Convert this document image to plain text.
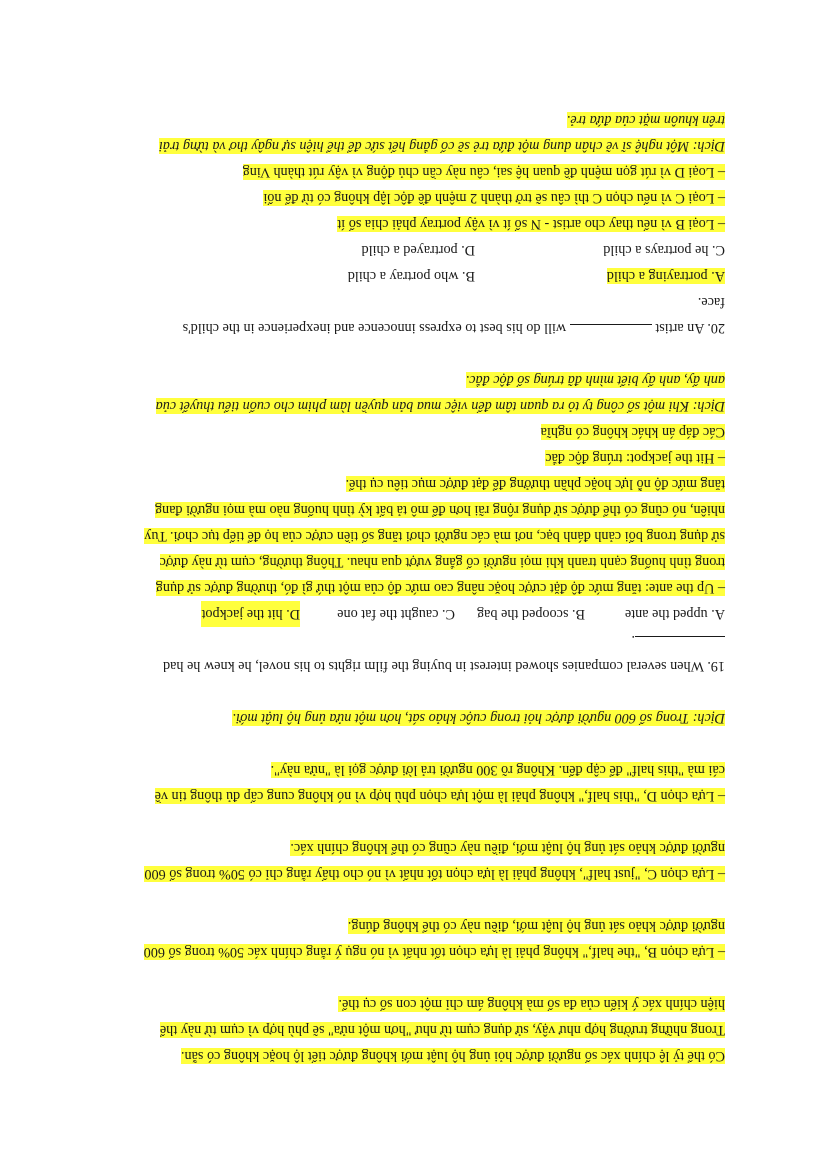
Có thể tỷ lệ chính xác số người được hỏi ủng hộ luật mới không được tiết lộ hoặc không có sẵn.
Trong những trường hợp như vậy, sử dụng cụm từ như "hơn một nửa" sẽ phù hợp vì cụm từ này thể
hiện chính xác ý kiến của đa số mà không ám chỉ một con số cụ thể.
– Lựa chọn B, "the half," không phải là lựa chọn tốt nhất vì nó ngụ ý rằng chính xác 50% trong số 600
người được khảo sát ủng hộ luật mới, điều này có thể không đúng.
– Lựa chọn C, "just half", không phải là lựa chọn tốt nhất vì nó cho thấy rằng chỉ có 50% trong số 600
người được khảo sát ủng hộ luật mới, điều này cũng có thể không chính xác.
– Lựa chọn D, "this half," không phải là một lựa chọn phù hợp vì nó không cung cấp đủ thông tin về
cái mà "this half" để cập đến. Không rõ 300 người trả lời được gọi là "nửa này".
Dịch: Trong số 600 người được hỏi trong cuộc khảo sát, hơn một nửa ủng hộ luật mới.
19. When several companies showed interest in buying the film rights to his novel, he knew he had
.
A. upped the ante
B. scooped the bag
C. caught the fat one
D. hit the jackpot
– Up the ante: tăng mức độ đặt cược hoặc nâng cao mức độ của một thứ gì đó, thường được sử dụng
trong tình huống cạnh tranh khi mọi người cố gắng vượt qua nhau. Thông thường, cụm từ này được
sử dụng trong bối cảnh đánh bạc, nơi mà các người chơi tăng số tiền cược của họ để tiếp tục chơi. Tuy
nhiên, nó cũng có thể được sử dụng rộng rãi hơn để mô tả bất kỳ tình huống nào mà mọi người đang
tăng mức độ nỗ lực hoặc phần thưởng để đạt được mục tiêu cụ thể.
– Hit the jackpot: trúng độc đắc
Các đáp án khác không có nghĩa
Dịch: Khi một số công ty tỏ ra quan tâm đến việc mua bản quyền làm phim cho cuốn tiểu thuyết của
anh ấy, anh ấy biết mình đã trúng số độc đắc.
20. An artist  will do his best to express innocence and inexperience in the child's
face.
A. portraying a child
B. who portray a child
C. he portrays a child
D. portrayed a child
– Loại B vì nếu thay cho artist - N số ít vì vậy portray phải chia số ít
– Loại C vì nếu chọn C thì câu sẽ trở thành 2 mệnh đề độc lập không có từ để nối
– Loại D vì rút gọn mệnh đề quan hệ sai, câu này cần chủ động vì vậy rút thành Ving
Dịch: Một nghệ sĩ vẽ chân dung một đứa trẻ sẽ cố gắng hết sức để thể hiện sự ngây thơ và từng trải
trên khuôn mặt của đứa trẻ.
